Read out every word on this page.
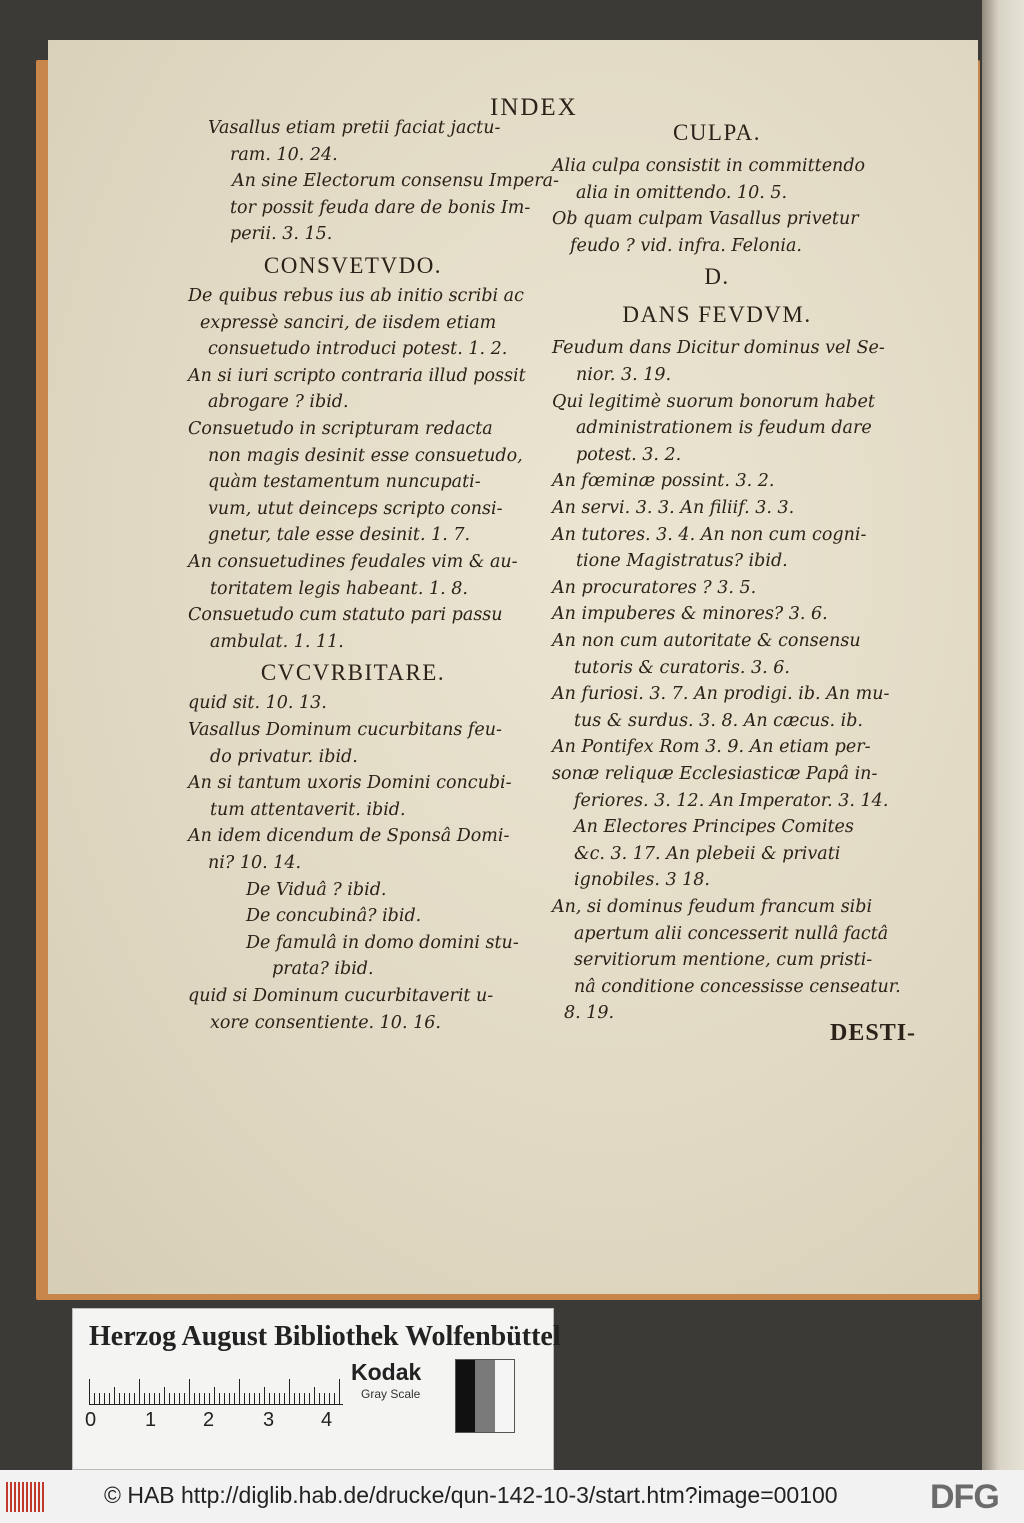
INDEX
Vasallus etiam pretii faciat jactu-
ram. 10. 24.
An sine Electorum consensu Impera-
tor possit feuda dare de bonis Im-
perii. 3. 15.
CONSVETVDO.
De quibus rebus ius ab initio scribi ac
expressè sanciri, de iisdem etiam
consuetudo introduci potest. 1. 2.
An si iuri scripto contraria illud possit
abrogare ? ibid.
Consuetudo in scripturam redacta
non magis desinit esse consuetudo,
quàm testamentum nuncupati-
vum, utut deinceps scripto consi-
gnetur, tale esse desinit. 1. 7.
An consuetudines feudales vim & au-
toritatem legis habeant. 1. 8.
Consuetudo cum statuto pari passu
ambulat. 1. 11.
CVCVRBITARE.
quid sit. 10. 13.
Vasallus Dominum cucurbitans feu-
do privatur. ibid.
An si tantum uxoris Domini concubi-
tum attentaverit. ibid.
An idem dicendum de Sponsâ Domi-
ni? 10. 14.
De Viduâ ? ibid.
De concubinâ? ibid.
De famulâ in domo domini stu-
prata? ibid.
quid si Dominum cucurbitaverit u-
xore consentiente. 10. 16.
CULPA.
Alia culpa consistit in committendo
alia in omittendo. 10. 5.
Ob quam culpam Vasallus privetur
feudo ? vid. infra. Felonia.
D.
DANS FEVDVM.
Feudum dans Dicitur dominus vel Se-
nior. 3. 19.
Qui legitimè suorum bonorum habet
administrationem is feudum dare
potest. 3. 2.
An fœminæ possint. 3. 2.
An servi. 3. 3. An filiif. 3. 3.
An tutores. 3. 4. An non cum cogni-
tione Magistratus? ibid.
An procuratores ? 3. 5.
An impuberes & minores? 3. 6.
An non cum autoritate & consensu
tutoris & curatoris. 3. 6.
An furiosi. 3. 7. An prodigi. ib. An mu-
tus & surdus. 3. 8. An cæcus. ib.
An Pontifex Rom 3. 9. An etiam per-
sonæ reliquæ Ecclesiasticæ Papâ in-
feriores. 3. 12. An Imperator. 3. 14.
An Electores Principes Comites
&c. 3. 17. An plebeii & privati
ignobiles. 3 18.
An, si dominus feudum francum sibi
apertum alii concesserit nullâ factâ
servitiorum mentione, cum pristi-
nâ conditione concessisse censeatur.
8. 19.
DESTI-
Herzog August Bibliothek Wolfenbüttel
0 1 2 3 4
Kodak
Gray Scale
© HAB http://diglib.hab.de/drucke/qun-142-10-3/start.htm?image=00100	DFG
